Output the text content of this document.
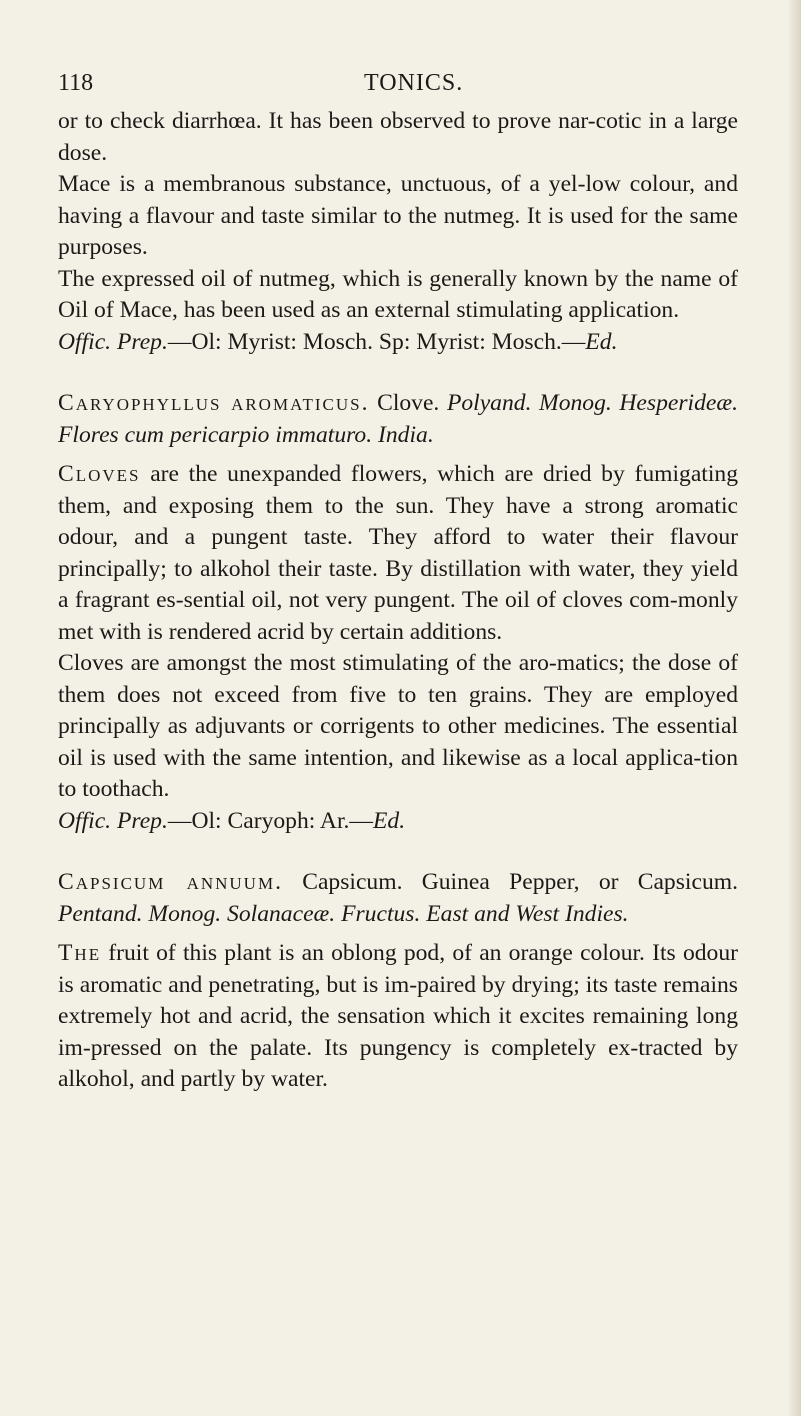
118	TONICS.

or to check diarrhœa. It has been observed to prove nar-cotic in a large dose.

Mace is a membranous substance, unctuous, of a yel-low colour, and having a flavour and taste similar to the nutmeg. It is used for the same purposes.

The expressed oil of nutmeg, which is generally known by the name of Oil of Mace, has been used as an external stimulating application.

Offic. Prep.—Ol: Myrist: Mosch. Sp: Myrist: Mosch.—Ed.

Caryophyllus aromaticus. Clove. Polyand. Monog. Hesperideæ. Flores cum pericarpio immaturo. India.

Cloves are the unexpanded flowers, which are dried by fumigating them, and exposing them to the sun. They have a strong aromatic odour, and a pungent taste. They afford to water their flavour principally; to alkohol their taste. By distillation with water, they yield a fragrant es-sential oil, not very pungent. The oil of cloves com-monly met with is rendered acrid by certain additions.

Cloves are amongst the most stimulating of the aro-matics; the dose of them does not exceed from five to ten grains. They are employed principally as adjuvants or corrigents to other medicines. The essential oil is used with the same intention, and likewise as a local applica-tion to toothach.

Offic. Prep.—Ol: Caryoph: Ar.—Ed.

Capsicum annuum. Capsicum. Guinea Pepper, or Capsicum. Pentand. Monog. Solanaceæ. Fructus. East and West Indies.

The fruit of this plant is an oblong pod, of an orange colour. Its odour is aromatic and penetrating, but is im-paired by drying; its taste remains extremely hot and acrid, the sensation which it excites remaining long im-pressed on the palate. Its pungency is completely ex-tracted by alkohol, and partly by water.
